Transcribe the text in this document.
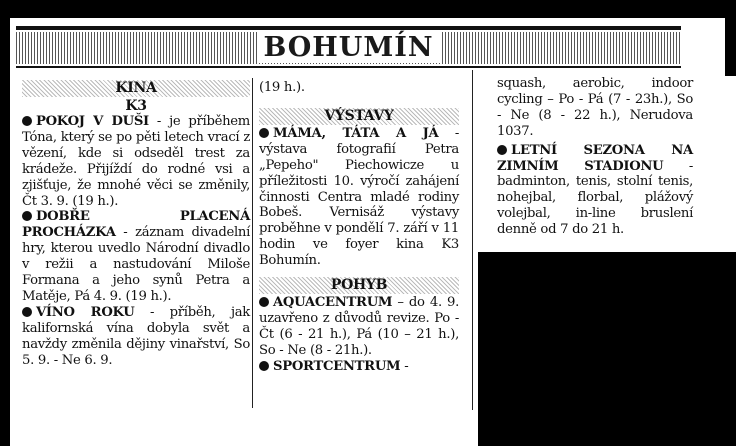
BOHUMÍN
KINA
K3

POKOJ V DUŠI - je příběhem Tóna, který se po pěti letech vrací z vězení, kde si odseděl trest za krádeže. Přijíždí do rodné vsi a zjišťuje, že mnohé věci se změnily, Čt 3. 9. (19 h.).

DOBŘE PLACENÁ PROCHÁZKA - záznam divadelní hry, kterou uvedlo Národní divadlo v režii a nastudování Miloše Formana a jeho synů Petra a Matěje, Pá 4. 9. (19 h.).

VÍNO ROKU - příběh, jak kalifornská vína dobyla svět a navždy změnila dějiny vinařství, So 5. 9. - Ne 6. 9.

(19 h.).
VÝSTAVY

MÁMA, TÁTA A JÁ - výstava fotografií Petra „Pepeho" Piechowicze u příležitosti 10. výročí zahájení činnosti Centra mladé rodiny Bobeš. Vernisáž výstavy proběhne v pondělí 7. září v 11 hodin ve foyer kina K3 Bohumín.

POHYB

AQUACENTRUM – do 4. 9. uzavřeno z důvodů revize. Po - Čt (6 - 21 h.), Pá (10 – 21 h.), So - Ne (8 - 21h.).

SPORTCENTRUM -

squash, aerobic, indoor cycling – Po - Pá (7 - 23h.), So - Ne (8 - 22 h.), Nerudova 1037.

LETNÍ SEZONA NA ZIMNÍM STADIONU - badminton, tenis, stolní tenis, nohejbal, florbal, plážový volejbal, in-line bruslení denně od 7 do 21 h.
